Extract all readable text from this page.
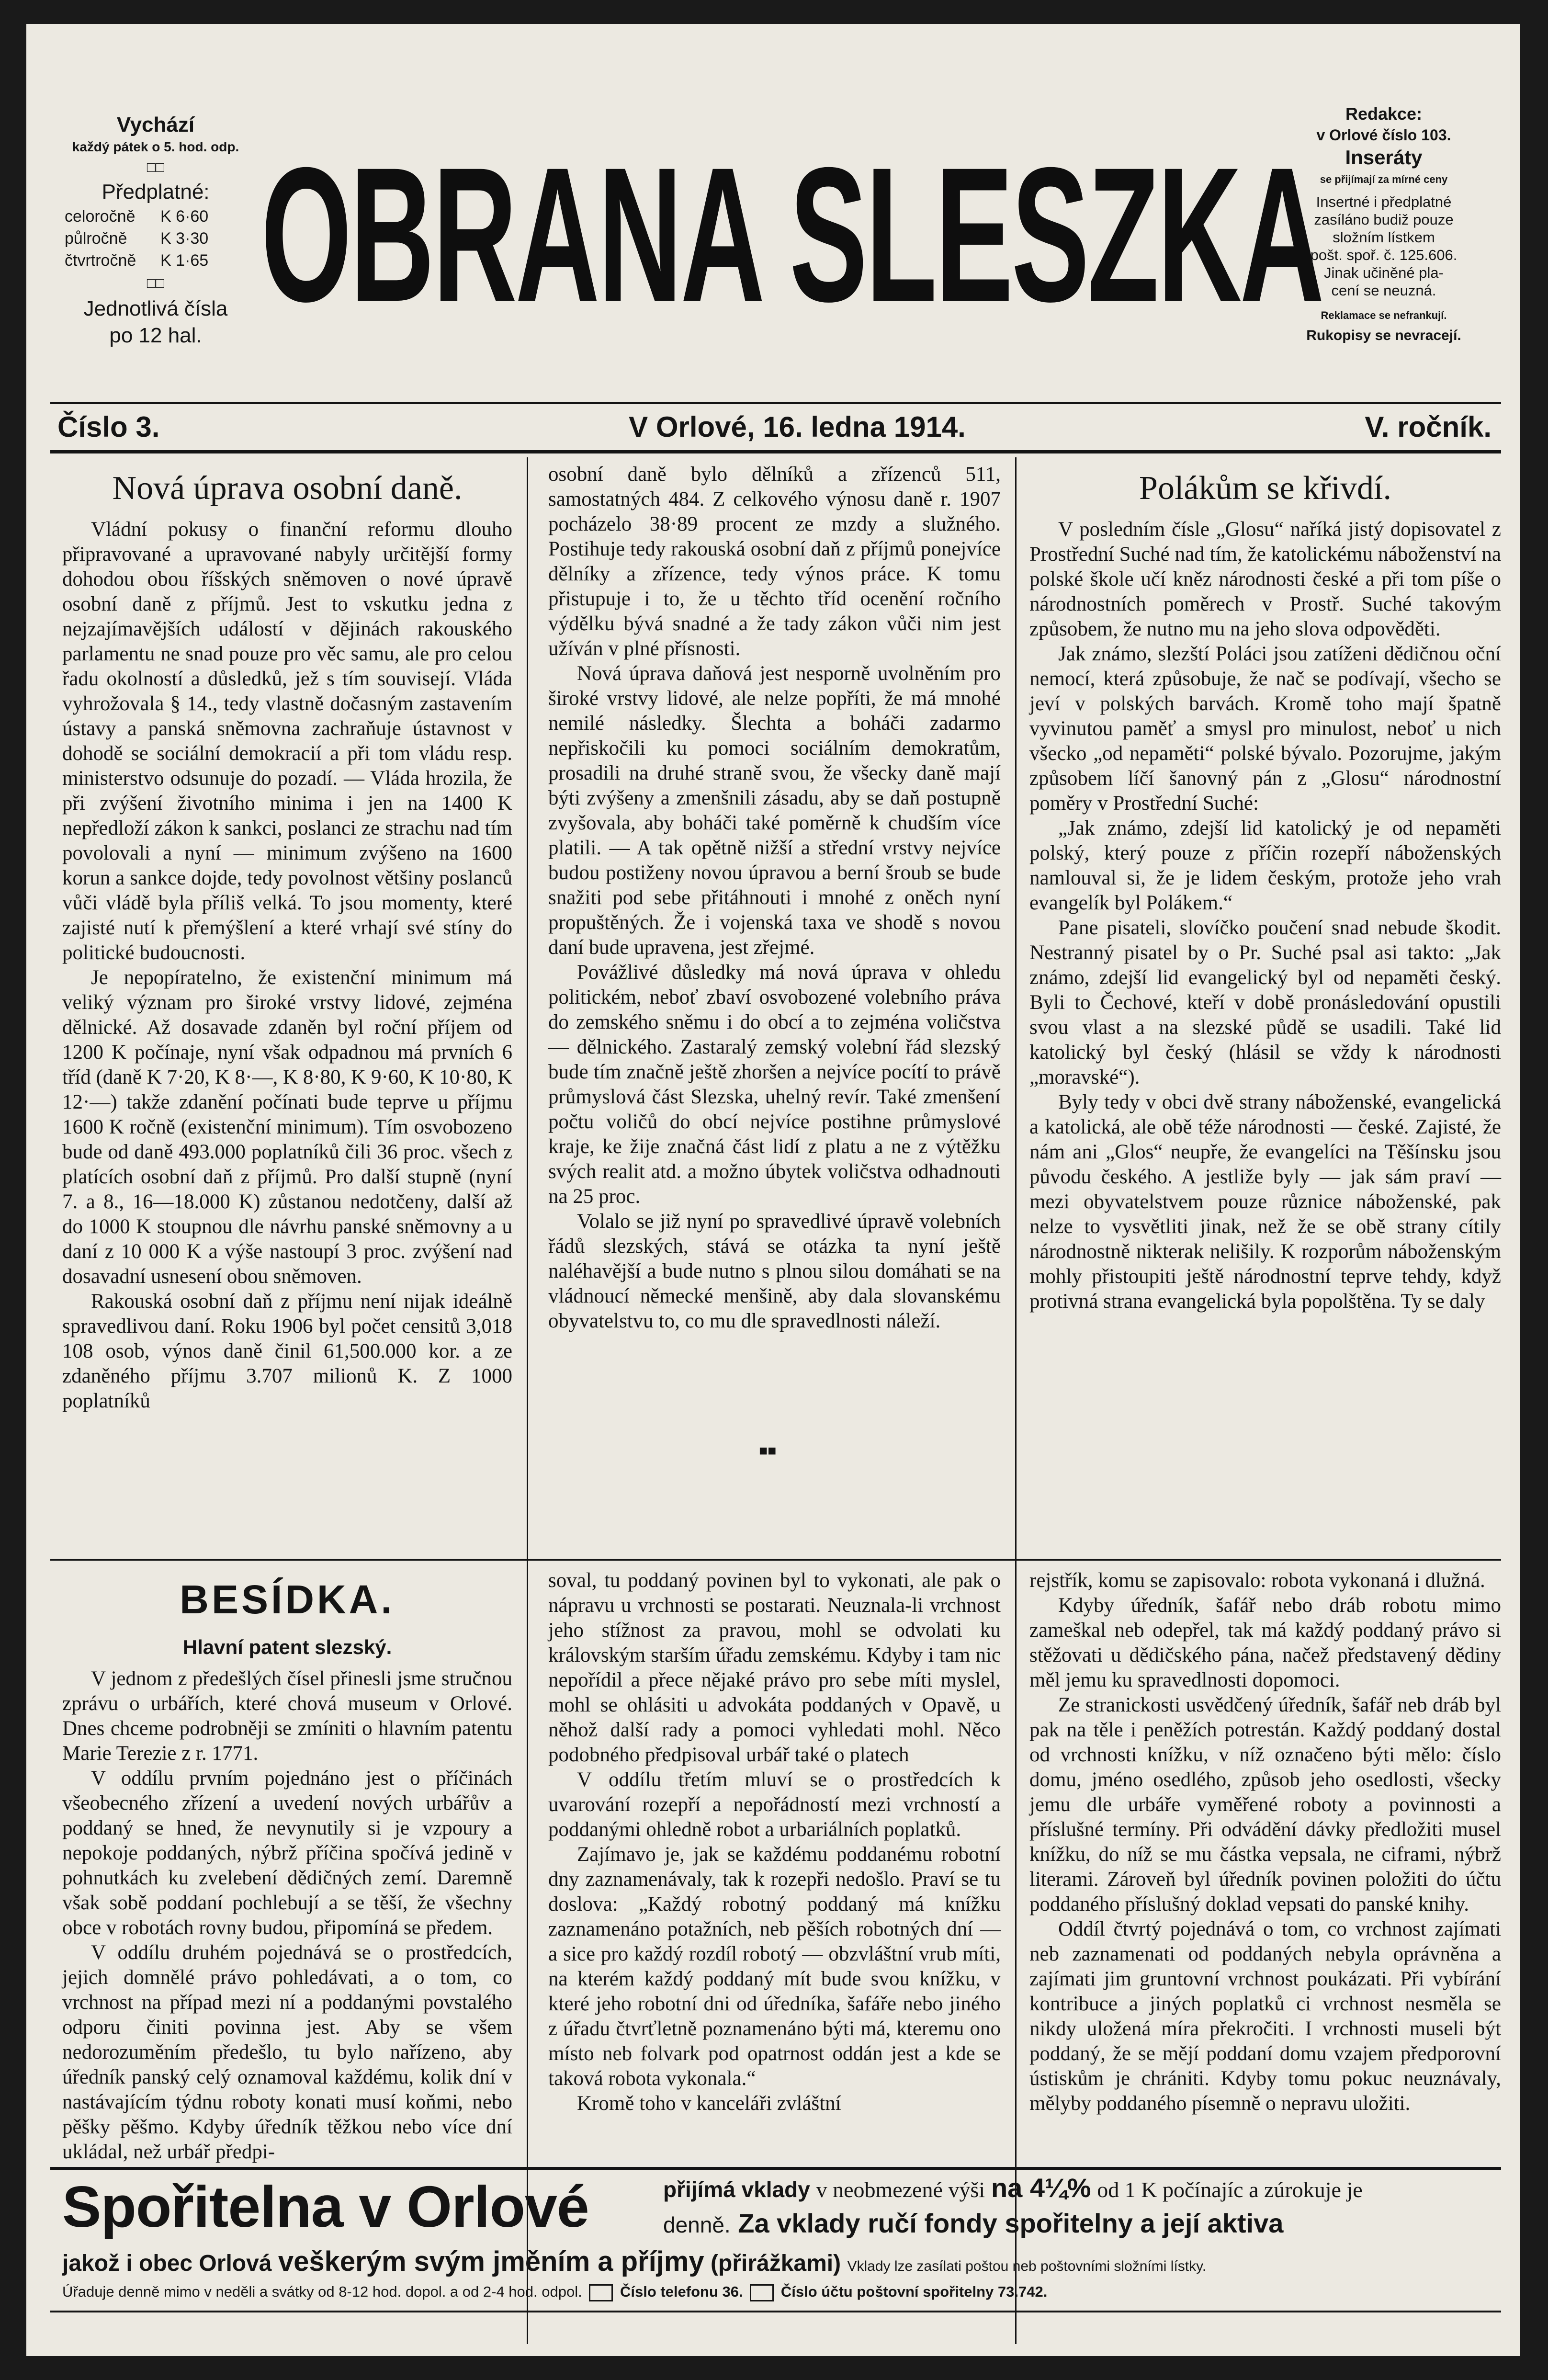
Vychází
každý pátek o 5. hod. odp.
□□
Předplatné:
celoročně K 6·60
půlročně K 3·30
čtvrtročně K 1·65
□□
Jednotlivá čísla
po 12 hal. OBRANA SLESZKA
Redakce:
v Orlové číslo 103.
Inseráty
se přijímají za mírné ceny
Insertné i předplatné
zasíláno budiž pouze
složním lístkem
pošt. spoř. č. 125.606.
Jinak učiněné pla-
cení se neuzná.
Reklamace se nefrankují.
Rukopisy se nevracejí.
Číslo 3.	V Orlové, 16. ledna 1914.	V. ročník.
Nová úprava osobní daně.

Vládní pokusy o finanční reformu dlouho připravované a upravované nabyly určitější formy dohodou obou říšských sněmoven o nové úpravě osobní daně z příjmů. Jest to vskutku jedna z nejzajímavějších událostí v dějinách rakouského parlamentu ne snad pouze pro věc samu, ale pro celou řadu okolností a důsledků, jež s tím souvisejí. Vláda vyhrožovala § 14., tedy vlastně dočasným zastavením ústavy a panská sněmovna zachraňuje ústavnost v dohodě se sociální demokracií a při tom vládu resp. ministerstvo odsunuje do pozadí. — Vláda hrozila, že při zvýšení životního minima i jen na 1400 K nepředloží zákon k sankci, poslanci ze strachu nad tím povolovali a nyní — minimum zvýšeno na 1600 korun a sankce dojde, tedy povolnost většiny poslanců vůči vládě byla příliš velká. To jsou momenty, které zajisté nutí k přemýšlení a které vrhají své stíny do politické budoucnosti.

Je nepopíratelno, že existenční minimum má veliký význam pro široké vrstvy lidové, zejména dělnické. Až dosavade zdaněn byl roční příjem od 1200 K počínaje, nyní však odpadnou má prvních 6 tříd (daně K 7·20, K 8·—, K 8·80, K 9·60, K 10·80, K 12·—) takže zdanění počínati bude teprve u příjmu 1600 K ročně (existenční minimum). Tím osvobozeno bude od daně 493.000 poplatníků čili 36 proc. všech z platících osobní daň z příjmů. Pro další stupně (nyní 7. a 8., 16—18.000 K) zůstanou nedotčeny, další až do 1000 K stoupnou dle návrhu panské sněmovny a u daní z 10 000 K a výše nastoupí 3 proc. zvýšení nad dosavadní usnesení obou sněmoven.

Rakouská osobní daň z příjmu není nijak ideálně spravedlivou daní. Roku 1906 byl počet censitů 3,018 108 osob, výnos daně činil 61,500.000 kor. a ze zdaněného příjmu 3.707 milionů K. Z 1000 poplatníků

osobní daně bylo dělníků a zřízenců 511, samostatných 484. Z celkového výnosu daně r. 1907 pocházelo 38·89 procent ze mzdy a služného. Postihuje tedy rakouská osobní daň z příjmů ponejvíce dělníky a zřízence, tedy výnos práce. K tomu přistupuje i to, že u těchto tříd ocenění ročního výdělku bývá snadné a že tady zákon vůči nim jest užíván v plné přísnosti.

Nová úprava daňová jest nesporně uvolněním pro široké vrstvy lidové, ale nelze popříti, že má mnohé nemilé následky. Šlechta a boháči zadarmo nepřiskočili ku pomoci sociálním demokratům, prosadili na druhé straně svou, že všecky daně mají býti zvýšeny a zmenšnili zásadu, aby se daň postupně zvyšovala, aby boháči také poměrně k chudším více platili. — A tak opětně nižší a střední vrstvy nejvíce budou postiženy novou úpravou a berní šroub se bude snažiti pod sebe přitáhnouti i mnohé z oněch nyní propuštěných. Že i vojenská taxa ve shodě s novou daní bude upravena, jest zřejmé.

Povážlivé důsledky má nová úprava v ohledu politickém, neboť zbaví osvobozené volebního práva do zemského sněmu i do obcí a to zejména voličstva — dělnického. Zastaralý zemský volební řád slezský bude tím značně ještě zhoršen a nejvíce pocítí to právě průmyslová část Slezska, uhelný revír. Také zmenšení počtu voličů do obcí nejvíce postihne průmyslové kraje, ke žije značná část lidí z platu a ne z výtěžku svých realit atd. a možno úbytek voličstva odhadnouti na 25 proc.

Volalo se již nyní po spravedlivé úpravě volebních řádů slezských, stává se otázka ta nyní ještě naléhavější a bude nutno s plnou silou domáhati se na vládnoucí německé menšině, aby dala slovanskému obyvatelstvu to, co mu dle spravedlnosti náleží.

■■
Polákům se křivdí.

V posledním čísle „Glosu“ naříká jistý dopisovatel z Prostřední Suché nad tím, že katolickému náboženství na polské škole učí kněz národnosti české a při tom píše o národnostních poměrech v Prostř. Suché takovým způsobem, že nutno mu na jeho slova odpověděti.

Jak známo, slezští Poláci jsou zatíženi dědičnou oční nemocí, která způsobuje, že nač se podívají, všecho se jeví v polských barvách. Kromě toho mají špatně vyvinutou paměť a smysl pro minulost, neboť u nich všecko „od nepaměti“ polské bývalo. Pozorujme, jakým způsobem líčí šanovný pán z „Glosu“ národnostní poměry v Prostřední Suché:

„Jak známo, zdejší lid katolický je od nepaměti polský, který pouze z příčin rozepří náboženských namlouval si, že je lidem českým, protože jeho vrah evangelík byl Polákem.“

Pane pisateli, slovíčko poučení snad nebude škodit. Nestranný pisatel by o Pr. Suché psal asi takto: „Jak známo, zdejší lid evangelický byl od nepaměti český. Byli to Čechové, kteří v době pronásledování opustili svou vlast a na slezské půdě se usadili. Také lid katolický byl český (hlásil se vždy k národnosti „moravské“).

Byly tedy v obci dvě strany náboženské, evangelická a katolická, ale obě téže národnosti — české. Zajisté, že nám ani „Glos“ neupře, že evangelíci na Těšínsku jsou původu českého. A jestliže byly — jak sám praví — mezi obyvatelstvem pouze různice náboženské, pak nelze to vysvětliti jinak, než že se obě strany cítily národnostně nikterak nelišily. K rozporům náboženským mohly přistoupiti ještě národnostní teprve tehdy, když protivná strana evangelická byla popolštěna. Ty se daly

BESÍDKA.
Hlavní patent slezský.

V jednom z předešlých čísel přinesli jsme stručnou zprávu o urbářích, které chová museum v Orlové. Dnes chceme podrobněji se zmíniti o hlavním patentu Marie Terezie z r. 1771.

V oddílu prvním pojednáno jest o příčinách všeobecného zřízení a uvedení nových urbářův a poddaný se hned, že nevynutily si je vzpoury a nepokoje poddaných, nýbrž příčina spočívá jedině v pohnutkách ku zvelebení dědičných zemí. Daremně však sobě poddaní pochlebují a se těší, že všechny obce v robotách rovny budou, připomíná se předem.

V oddílu druhém pojednává se o prostředcích, jejich domnělé právo pohledávati, a o tom, co vrchnost na případ mezi ní a poddanými povstalého odporu činiti povinna jest. Aby se všem nedorozuměním předešlo, tu bylo nařízeno, aby úředník panský celý oznamoval každému, kolik dní v nastávajícím týdnu roboty konati musí koňmi, nebo pěšky pěšmo. Kdyby úředník těžkou nebo více dní ukládal, než urbář předpi-

soval, tu poddaný povinen byl to vykonati, ale pak o nápravu u vrchnosti se postarati. Neuznala-li vrchnost jeho stížnost za pravou, mohl se odvolati ku královským starším úřadu zemskému. Kdyby i tam nic nepořídil a přece nějaké právo pro sebe míti myslel, mohl se ohlásiti u advokáta poddaných v Opavě, u něhož další rady a pomoci vyhledati mohl. Něco podobného předpisoval urbář také o platech

V oddílu třetím mluví se o prostředcích k uvarování rozepří a nepořádností mezi vrchností a poddanými ohledně robot a urbariálních poplatků.

Zajímavo je, jak se každému poddanému robotní dny zaznamenávaly, tak k rozepři nedošlo. Praví se tu doslova: „Každý robotný poddaný má knížku zaznamenáno potažních, neb pěších robotných dní — a sice pro každý rozdíl robotý — obzvláštní vrub míti, na kterém každý poddaný mít bude svou knížku, v které jeho robotní dni od úředníka, šafáře nebo jiného z úřadu čtvrťletně poznamenáno býti má, kteremu ono místo neb folvark pod opatrnost oddán jest a kde se taková robota vykonala.“

Kromě toho v kanceláři zvláštní

rejstřík, komu se zapisovalo: robota vykonaná i dlužná.

Kdyby úředník, šafář nebo dráb robotu mimo zameškal neb odepřel, tak má každý poddaný právo si stěžovati u dědičského pána, načež představený dědiny měl jemu ku spravedlnosti dopomoci.

Ze stranickosti usvědčený úředník, šafář neb dráb byl pak na těle i peněžích potrestán. Každý poddaný dostal od vrchnosti knížku, v níž označeno býti mělo: číslo domu, jméno osedlého, způsob jeho osedlosti, všecky jemu dle urbáře vyměřené roboty a povinnosti a příslušné termíny. Při odvádění dávky předložiti musel knížku, do níž se mu částka vepsala, ne ciframi, nýbrž literami. Zároveň byl úředník povinen položiti do účtu poddaného příslušný doklad vepsati do panské knihy.

Oddíl čtvrtý pojednává o tom, co vrchnost zajímati neb zaznamenati od poddaných nebyla oprávněna a zajímati jim gruntovní vrchnost poukázati. Při vybírání kontribuce a jiných poplatků ci vrchnost nesměla se nikdy uložená míra překročiti. I vrchnosti museli být poddaný, že se mějí poddaní domu vzajem předporovní ústiskům je chrániti. Kdyby tomu pokuc neuznávaly, mělyby poddaného písemně o nepravu uložiti.

Spořitelna v Orlové	přijímá vklady v neobmezené výši na 4¼% od 1 K počínajíc a zúrokuje je
denně. Za vklady ručí fondy spořitelny a její aktiva
jakož i obec Orlová veškerým svým jměním a příjmy (přirážkami) Vklady lze zasílati poštou neb poštovními složními lístky.
Úřaduje denně mimo v neděli a svátky od 8-12 hod. dopol. a od 2-4 hod. odpol.	Číslo telefonu 36.	Číslo účtu poštovní spořitelny 73.742.
